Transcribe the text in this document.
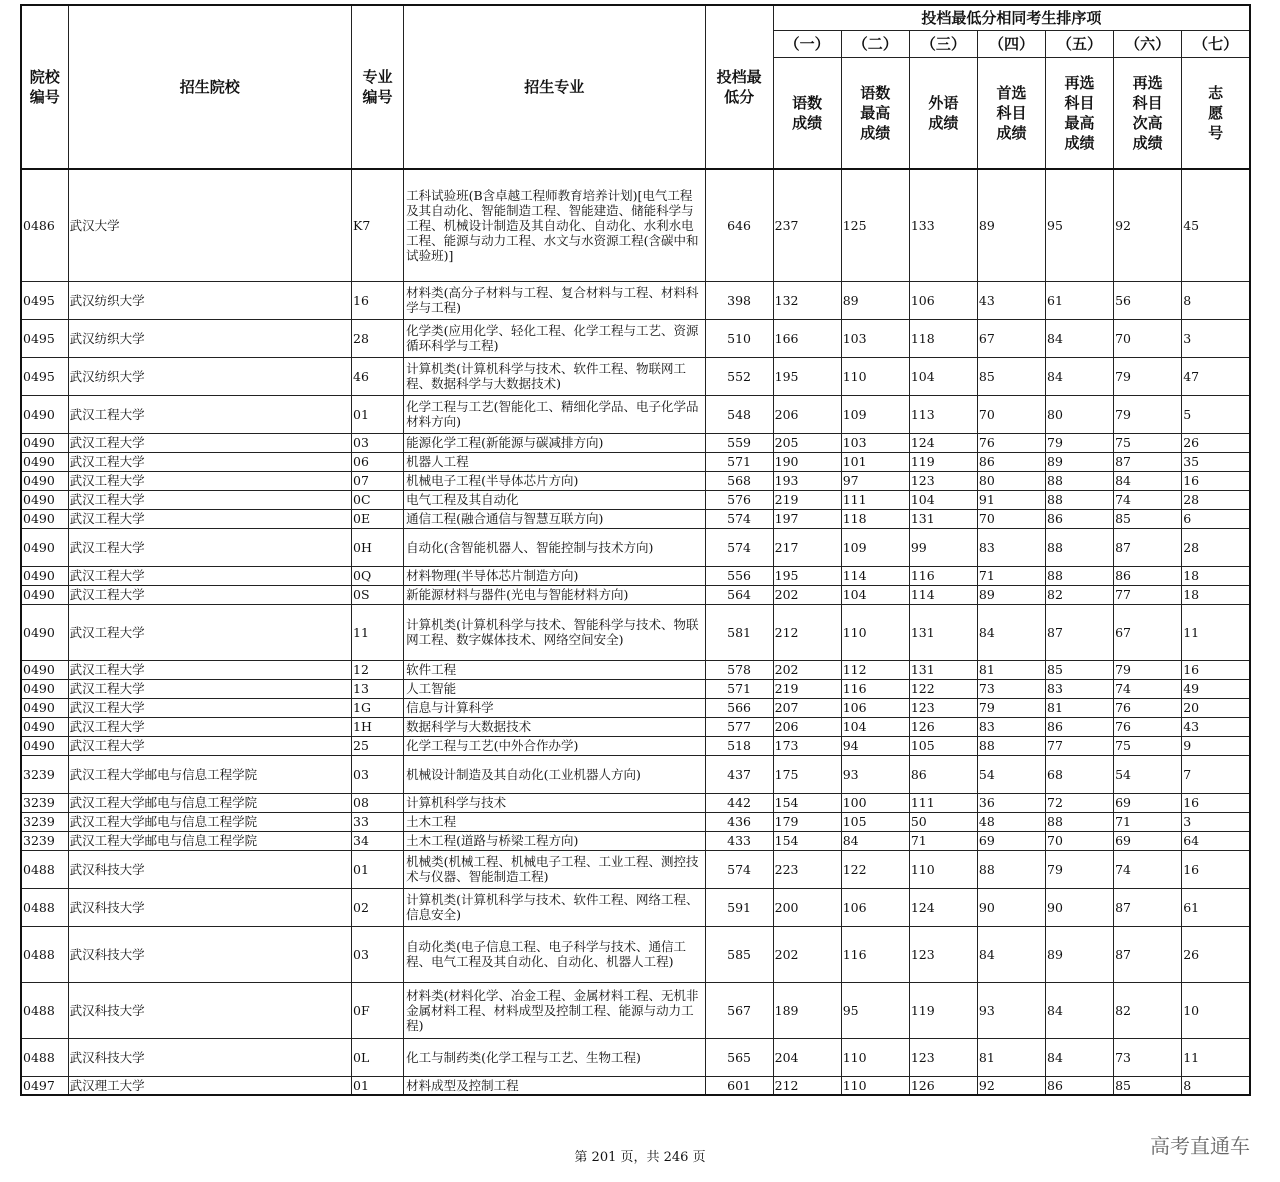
院校编号	招生院校	专业编号	招生专业	投档最低分	投档最低分相同考生排序项						
					（一）	（二）	（三）	（四）	（五）	（六）	（七）
					语数成绩	语数最高成绩	外语成绩	首选科目成绩	再选科目最高成绩	再选科目次高成绩	志愿号
0486	武汉大学	K7	工科试验班(B含卓越工程师教育培养计划)[电气工程及其自动化、智能制造工程、智能建造、储能科学与工程、机械设计制造及其自动化、自动化、水利水电工程、能源与动力工程、水文与水资源工程(含碳中和试验班)]	646	237	125	133	89	95	92	45
0495	武汉纺织大学	16	材料类(高分子材料与工程、复合材料与工程、材料科学与工程)	398	132	89	106	43	61	56	8
0495	武汉纺织大学	28	化学类(应用化学、轻化工程、化学工程与工艺、资源循环科学与工程)	510	166	103	118	67	84	70	3
0495	武汉纺织大学	46	计算机类(计算机科学与技术、软件工程、物联网工程、数据科学与大数据技术)	552	195	110	104	85	84	79	47
0490	武汉工程大学	01	化学工程与工艺(智能化工、精细化学品、电子化学品材料方向)	548	206	109	113	70	80	79	5
0490	武汉工程大学	03	能源化学工程(新能源与碳减排方向)	559	205	103	124	76	79	75	26
0490	武汉工程大学	06	机器人工程	571	190	101	119	86	89	87	35
0490	武汉工程大学	07	机械电子工程(半导体芯片方向)	568	193	97	123	80	88	84	16
0490	武汉工程大学	0C	电气工程及其自动化	576	219	111	104	91	88	74	28
0490	武汉工程大学	0E	通信工程(融合通信与智慧互联方向)	574	197	118	131	70	86	85	6
0490	武汉工程大学	0H	自动化(含智能机器人、智能控制与技术方向)	574	217	109	99	83	88	87	28
0490	武汉工程大学	0Q	材料物理(半导体芯片制造方向)	556	195	114	116	71	88	86	18
0490	武汉工程大学	0S	新能源材料与器件(光电与智能材料方向)	564	202	104	114	89	82	77	18
0490	武汉工程大学	11	计算机类(计算机科学与技术、智能科学与技术、物联网工程、数字媒体技术、网络空间安全)	581	212	110	131	84	87	67	11
0490	武汉工程大学	12	软件工程	578	202	112	131	81	85	79	16
0490	武汉工程大学	13	人工智能	571	219	116	122	73	83	74	49
0490	武汉工程大学	1G	信息与计算科学	566	207	106	123	79	81	76	20
0490	武汉工程大学	1H	数据科学与大数据技术	577	206	104	126	83	86	76	43
0490	武汉工程大学	25	化学工程与工艺(中外合作办学)	518	173	94	105	88	77	75	9
3239	武汉工程大学邮电与信息工程学院	03	机械设计制造及其自动化(工业机器人方向)	437	175	93	86	54	68	54	7
3239	武汉工程大学邮电与信息工程学院	08	计算机科学与技术	442	154	100	111	36	72	69	16
3239	武汉工程大学邮电与信息工程学院	33	土木工程	436	179	105	50	48	88	71	3
3239	武汉工程大学邮电与信息工程学院	34	土木工程(道路与桥梁工程方向)	433	154	84	71	69	70	69	64
0488	武汉科技大学	01	机械类(机械工程、机械电子工程、工业工程、测控技术与仪器、智能制造工程)	574	223	122	110	88	79	74	16
0488	武汉科技大学	02	计算机类(计算机科学与技术、软件工程、网络工程、信息安全)	591	200	106	124	90	90	87	61
0488	武汉科技大学	03	自动化类(电子信息工程、电子科学与技术、通信工程、电气工程及其自动化、自动化、机器人工程)	585	202	116	123	84	89	87	26
0488	武汉科技大学	0F	材料类(材料化学、冶金工程、金属材料工程、无机非金属材料工程、材料成型及控制工程、能源与动力工程)	567	189	95	119	93	84	82	10
0488	武汉科技大学	0L	化工与制药类(化学工程与工艺、生物工程)	565	204	110	123	81	84	73	11
0497	武汉理工大学	01	材料成型及控制工程	601	212	110	126	92	86	85	8
第 201 页，共 246 页	高考直通车
